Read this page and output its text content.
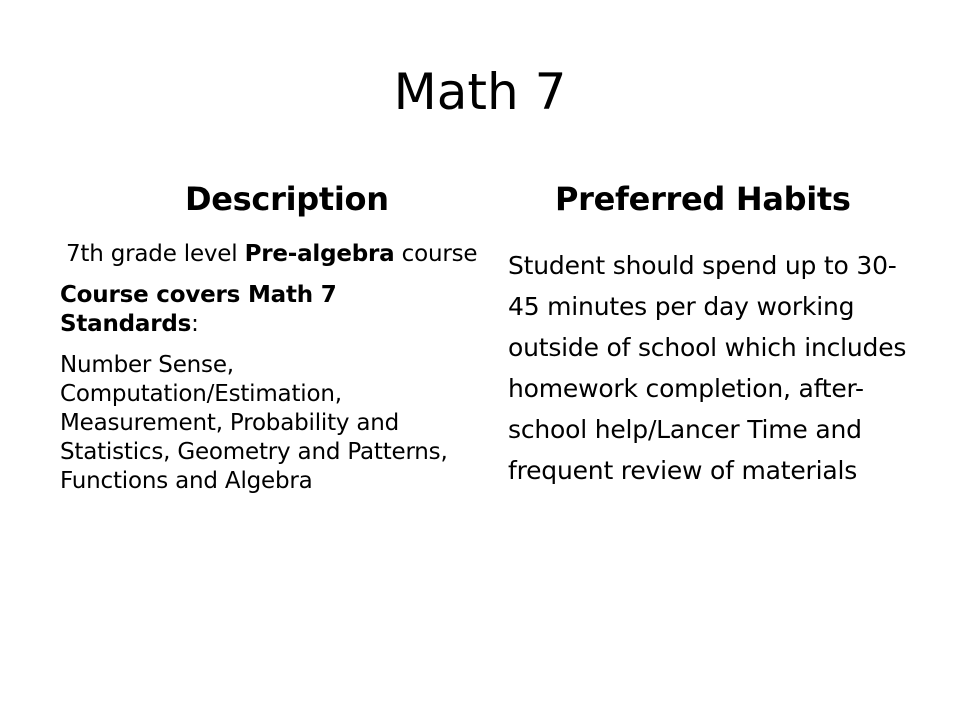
Math 7
Description	Preferred Habits

7th grade level Pre-algebra course

Course covers Math 7 Standards:

Number Sense, Computation/Estimation, Measurement, Probability and Statistics, Geometry and Patterns, Functions and Algebra

Student should spend up to 30-45 minutes per day working outside of school which includes homework completion, after-school help/Lancer Time and frequent review of materials
